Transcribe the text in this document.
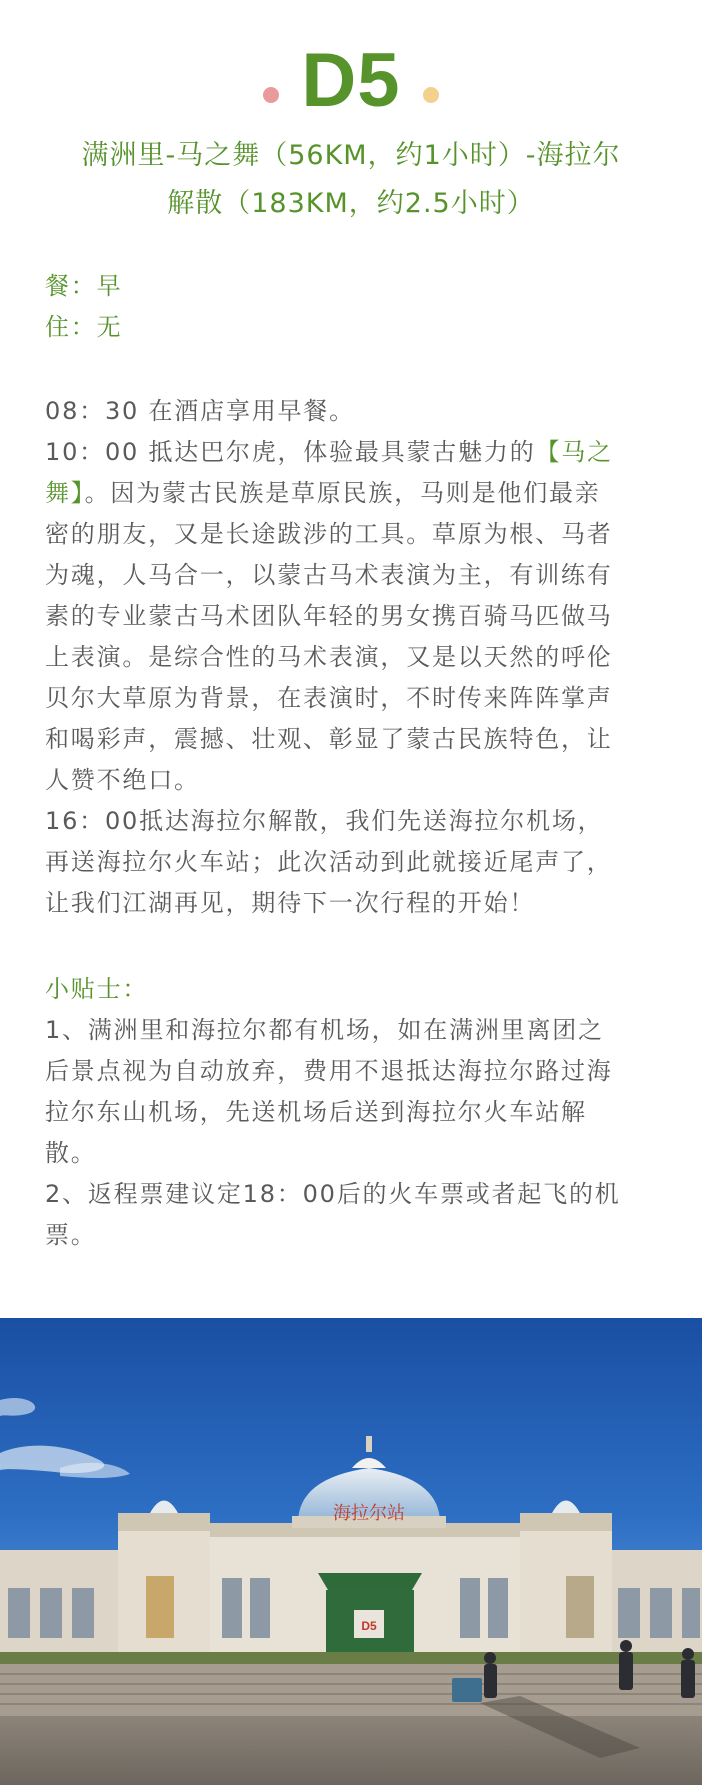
D5
满洲里-马之舞（56KM，约1小时）-海拉尔
解散（183KM，约2.5小时）
餐：早
住：无
08：30 在酒店享用早餐。
10：00 抵达巴尔虎，体验最具蒙古魅力的【马之
舞】。因为蒙古民族是草原民族，马则是他们最亲
密的朋友，又是长途跋涉的工具。草原为根、马者
为魂，人马合一，以蒙古马术表演为主，有训练有
素的专业蒙古马术团队年轻的男女携百骑马匹做马
上表演。是综合性的马术表演，又是以天然的呼伦
贝尔大草原为背景，在表演时，不时传来阵阵掌声
和喝彩声，震撼、壮观、彰显了蒙古民族特色，让
人赞不绝口。
16：00抵达海拉尔解散，我们先送海拉尔机场，
再送海拉尔火车站；此次活动到此就接近尾声了，
让我们江湖再见，期待下一次行程的开始！
小贴士：
1、满洲里和海拉尔都有机场，如在满洲里离团之
后景点视为自动放弃，费用不退抵达海拉尔路过海
拉尔东山机场，先送机场后送到海拉尔火车站解
散。
2、返程票建议定18：00后的火车票或者起飞的机
票。
海拉尔站
D5
